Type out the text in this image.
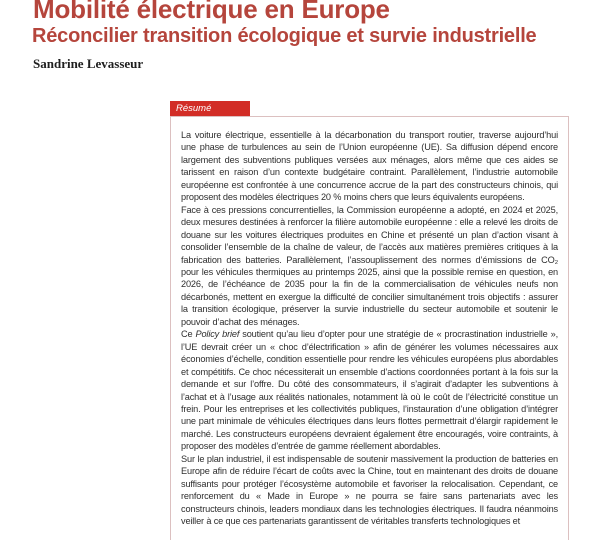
Mobilité électrique en Europe
Réconcilier transition écologique et survie industrielle
Sandrine Levasseur
Résumé

La voiture électrique, essentielle à la décarbonation du transport routier, traverse aujourd’hui une phase de turbulences au sein de l’Union européenne (UE). Sa diffusion dépend encore largement des subventions publiques versées aux ménages, alors même que ces aides se tarissent en raison d’un contexte budgétaire contraint. Parallèlement, l’industrie automobile européenne est confrontée à une concurrence accrue de la part des constructeurs chinois, qui proposent des modèles électriques 20 % moins chers que leurs équivalents européens.

Face à ces pressions concurrentielles, la Commission européenne a adopté, en 2024 et 2025, deux mesures destinées à renforcer la filière automobile européenne : elle a relevé les droits de douane sur les voitures électriques produites en Chine et présenté un plan d’action visant à consolider l’ensemble de la chaîne de valeur, de l’accès aux matières premières critiques à la fabrication des batteries. Parallèlement, l’assouplissement des normes d’émissions de CO₂ pour les véhicules thermiques au printemps 2025, ainsi que la possible remise en question, en 2026, de l’échéance de 2035 pour la fin de la commercialisation de véhicules neufs non décarbonés, mettent en exergue la difficulté de concilier simultanément trois objectifs : assurer la transition écologique, préserver la survie industrielle du secteur automobile et soutenir le pouvoir d’achat des ménages.

Ce Policy brief soutient qu’au lieu d’opter pour une stratégie de « procrastination industrielle », l’UE devrait créer un « choc d’électrification » afin de générer les volumes nécessaires aux économies d’échelle, condition essentielle pour rendre les véhicules européens plus abordables et compétitifs. Ce choc nécessiterait un ensemble d’actions coordonnées portant à la fois sur la demande et sur l’offre. Du côté des consommateurs, il s’agirait d’adapter les subventions à l’achat et à l’usage aux réalités nationales, notamment là où le coût de l’électricité constitue un frein. Pour les entreprises et les collectivités publiques, l’instauration d’une obligation d’intégrer une part minimale de véhicules électriques dans leurs flottes permettrait d’élargir rapidement le marché. Les constructeurs européens devraient également être encouragés, voire contraints, à proposer des modèles d’entrée de gamme réellement abordables.

Sur le plan industriel, il est indispensable de soutenir massivement la production de batteries en Europe afin de réduire l’écart de coûts avec la Chine, tout en maintenant des droits de douane suffisants pour protéger l’écosystème automobile et favoriser la relocalisation. Cependant, ce renforcement du « Made in Europe » ne pourra se faire sans partenariats avec les constructeurs chinois, leaders mondiaux dans les technologies électriques. Il faudra néanmoins veiller à ce que ces partenariats garantissent de véritables transferts technologiques et
